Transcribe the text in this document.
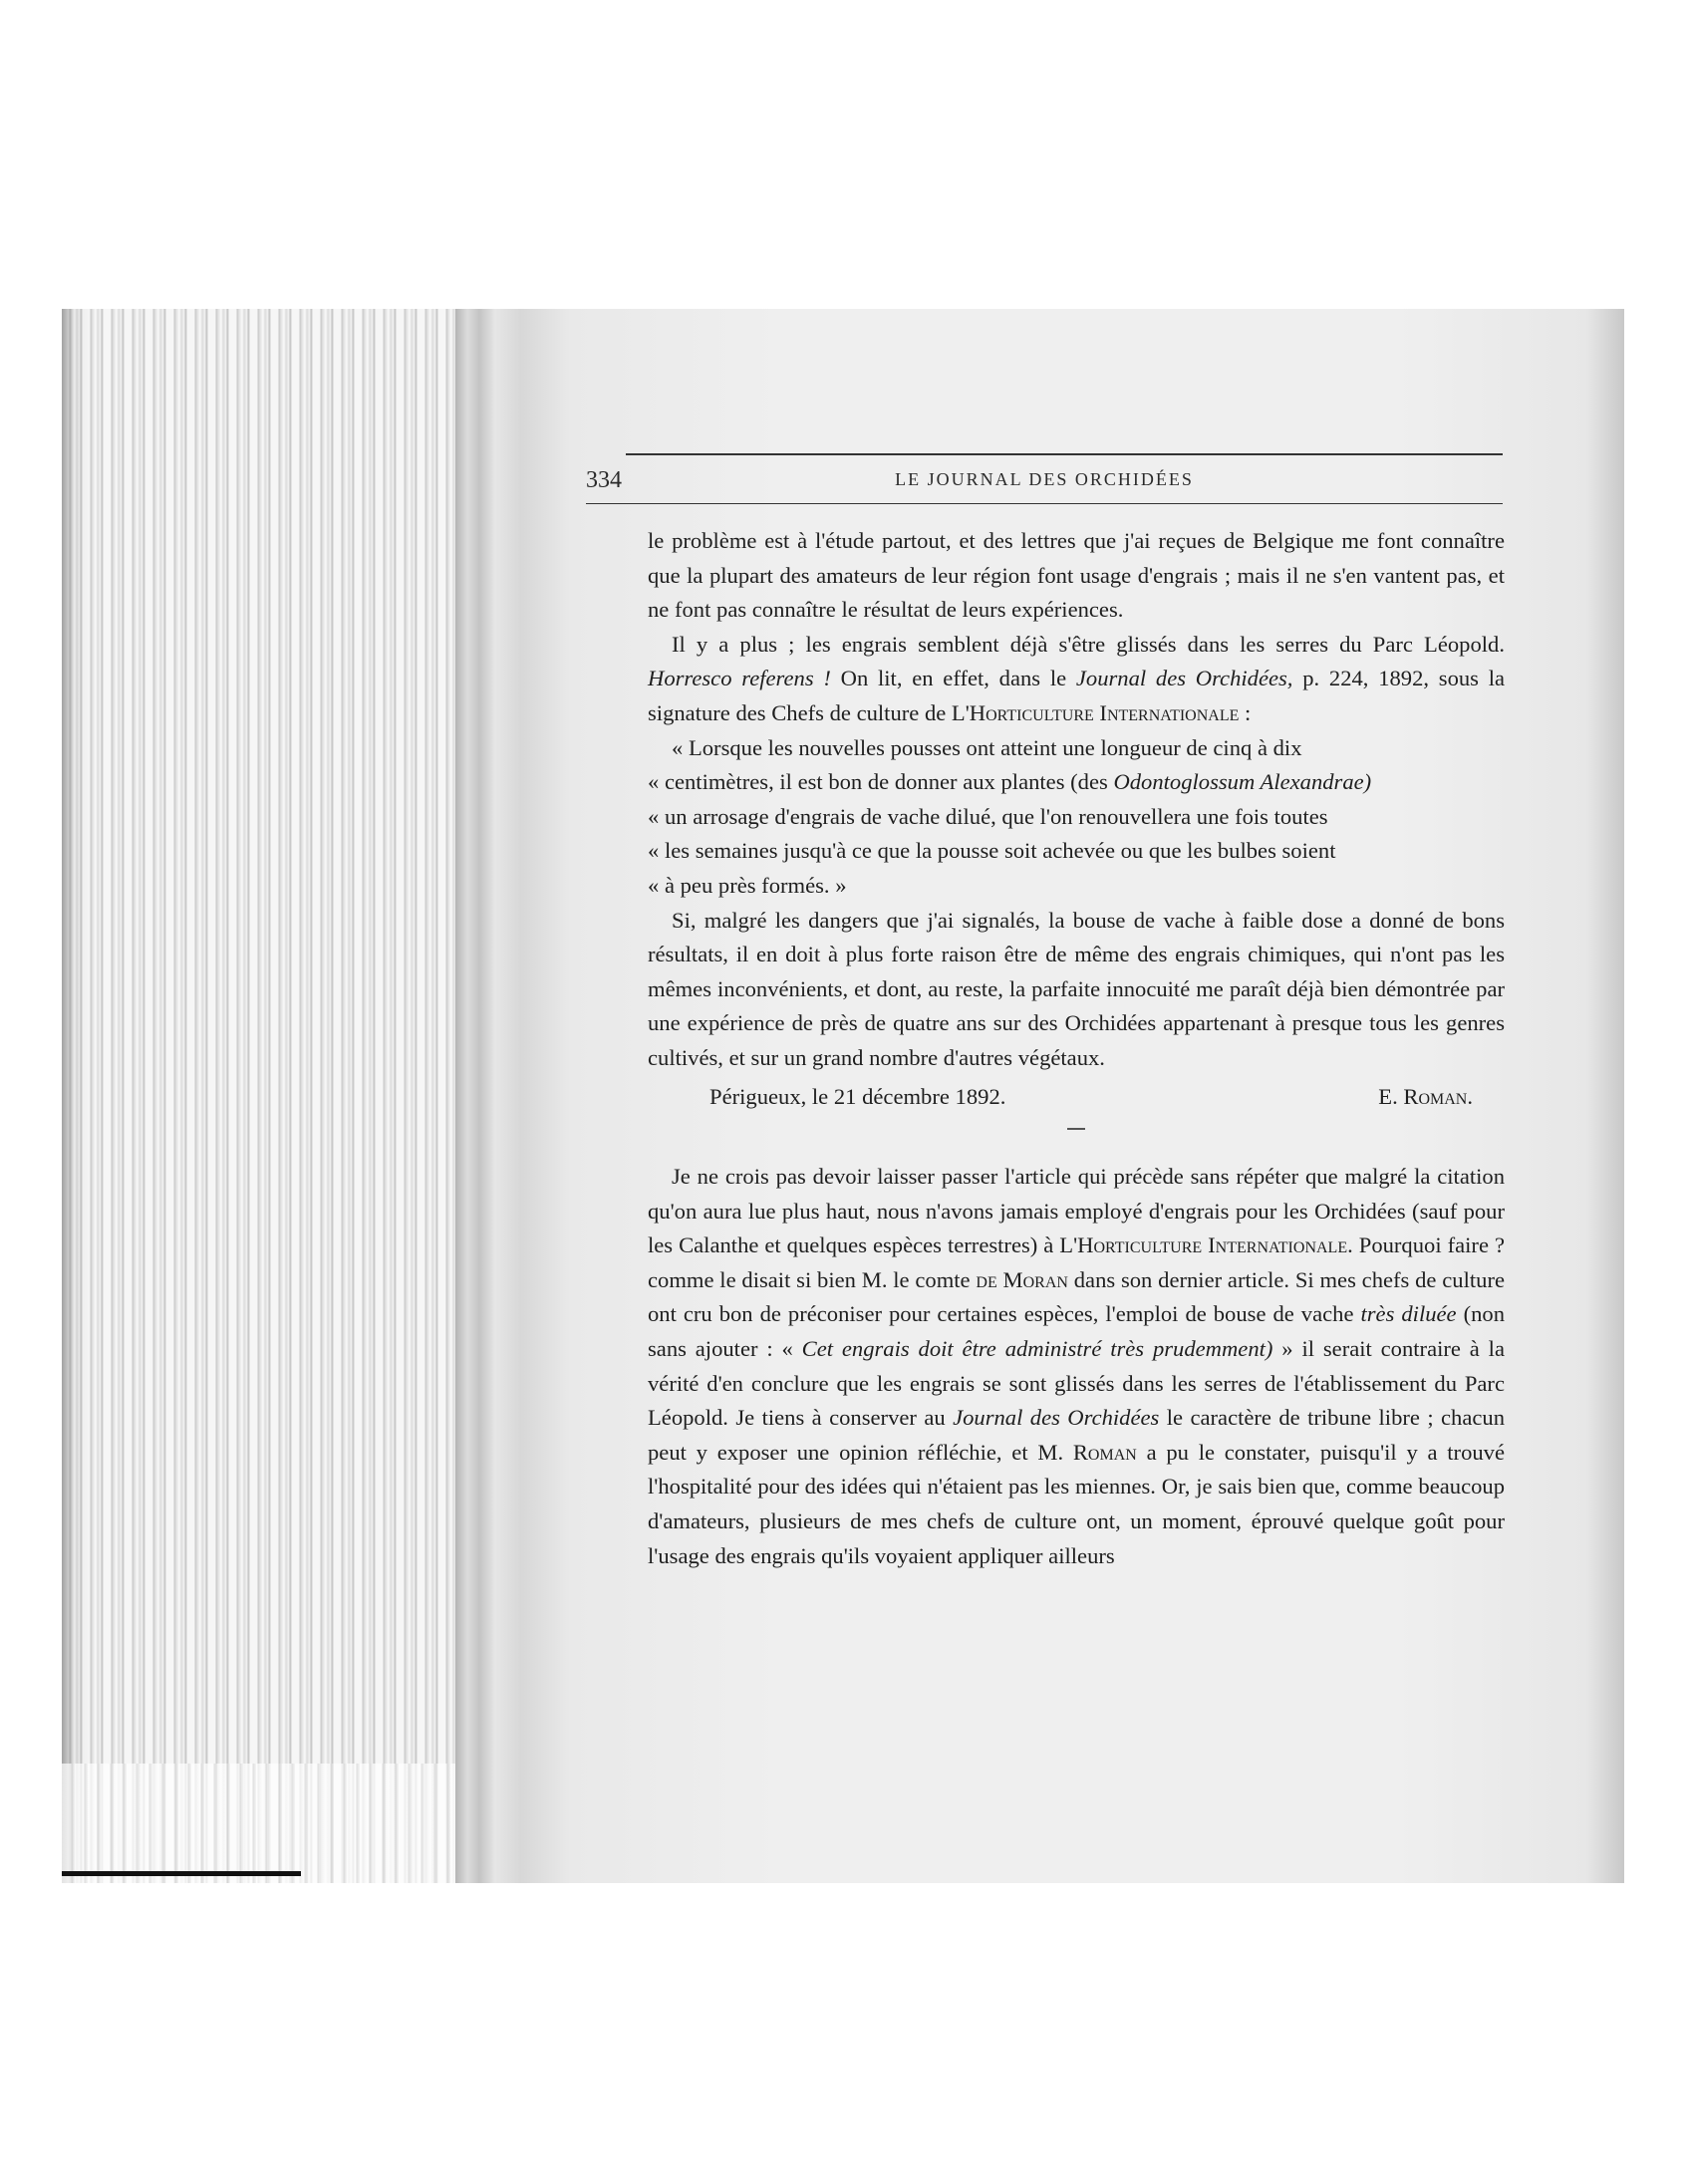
334	LE JOURNAL DES ORCHIDÉES

le problème est à l'étude partout, et des lettres que j'ai reçues de Belgique me font connaître que la plupart des amateurs de leur région font usage d'engrais ; mais il ne s'en vantent pas, et ne font pas connaître le résultat de leurs expériences.

Il y a plus ; les engrais semblent déjà s'être glissés dans les serres du Parc Léopold. Horresco referens ! On lit, en effet, dans le Journal des Orchidées, p. 224, 1892, sous la signature des Chefs de culture de L'Horticulture Internationale :

« Lorsque les nouvelles pousses ont atteint une longueur de cinq à dix

« centimètres, il est bon de donner aux plantes (des Odontoglossum Alexandrae)

« un arrosage d'engrais de vache dilué, que l'on renouvellera une fois toutes

« les semaines jusqu'à ce que la pousse soit achevée ou que les bulbes soient

« à peu près formés. »

Si, malgré les dangers que j'ai signalés, la bouse de vache à faible dose a donné de bons résultats, il en doit à plus forte raison être de même des engrais chimiques, qui n'ont pas les mêmes inconvénients, et dont, au reste, la parfaite innocuité me paraît déjà bien démontrée par une expérience de près de quatre ans sur des Orchidées appartenant à presque tous les genres cultivés, et sur un grand nombre d'autres végétaux.

Périgueux, le 21 décembre 1892.	E. Roman.

Je ne crois pas devoir laisser passer l'article qui précède sans répéter que malgré la citation qu'on aura lue plus haut, nous n'avons jamais employé d'engrais pour les Orchidées (sauf pour les Calanthe et quelques espèces terrestres) à L'Horticulture Internationale. Pourquoi faire ? comme le disait si bien M. le comte de Moran dans son dernier article. Si mes chefs de culture ont cru bon de préconiser pour certaines espèces, l'emploi de bouse de vache très diluée (non sans ajouter : « Cet engrais doit être administré très prudemment) » il serait contraire à la vérité d'en conclure que les engrais se sont glissés dans les serres de l'établissement du Parc Léopold. Je tiens à conserver au Journal des Orchidées le caractère de tribune libre ; chacun peut y exposer une opinion réfléchie, et M. Roman a pu le constater, puisqu'il y a trouvé l'hospitalité pour des idées qui n'étaient pas les miennes. Or, je sais bien que, comme beaucoup d'amateurs, plusieurs de mes chefs de culture ont, un moment, éprouvé quelque goût pour l'usage des engrais qu'ils voyaient appliquer ailleurs
